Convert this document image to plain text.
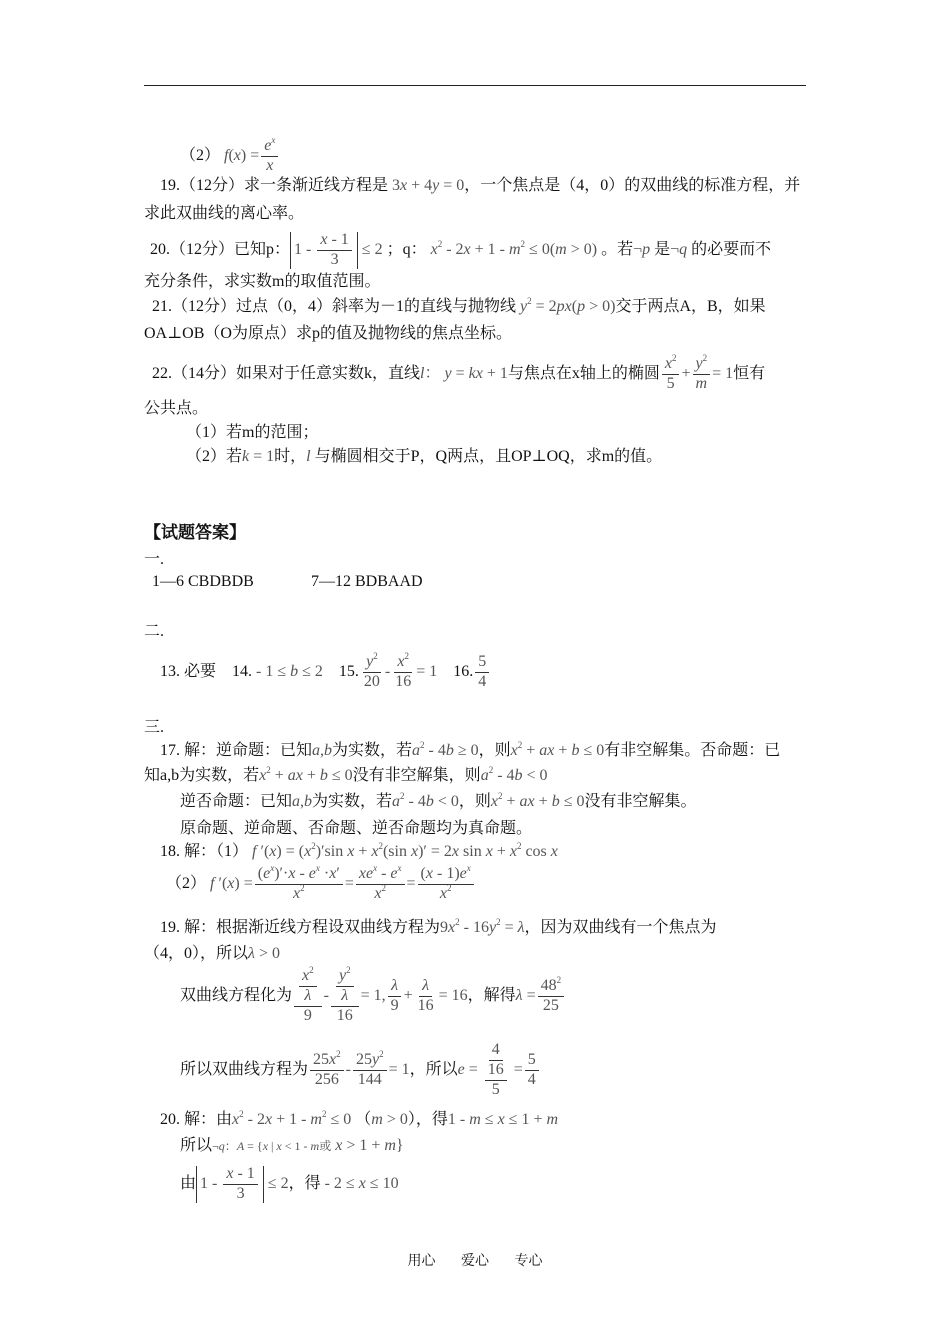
（2） $f(x) = \frac{e^x}{x}$
19.（12分）求一条渐近线方程是 3x + 4y = 0，一个焦点是（4，0）的双曲线的标准方程，并
求此双曲线的离心率。
20.（12分）已知p： $1 - \frac{x - 1}{3} \le 2$ ；q： $x^2 - 2x + 1 - m^2 \le 0(m > 0)$ 。若¬p 是¬q 的必要而不
充分条件，求实数m的取值范围。
21.（12分）过点（0，4）斜率为－1的直线与抛物线 $y^2 = 2px(p > 0)$交于两点A，B，如果
OA⊥OB（O为原点）求p的值及抛物线的焦点坐标。
22.（14分）如果对于任意实数k，直线l： y = kx + 1与焦点在x轴上的椭圆 $\frac{x^2}{5} + \frac{y^2}{m} = 1$恒有
公共点。
（1）若m的范围；
（2）若k = 1时，l 与椭圆相交于P，Q两点，且OP⊥OQ，求m的值。
【试题答案】
一.
1—6 CBDBDB	7—12 BDBAAD
二.
13. 必要 14. - 1 ≤ b ≤ 2 15. $\frac{y^2}{20} - \frac{x^2}{16} = 1$ 16. $\frac{5}{4}$
三.
17. 解：逆命题：已知a,b为实数，若$a^2 - 4b \ge 0$，则$x^2$ + ax + b ≤ 0有非空解集。否命题：已
知a,b为实数，若$x^2$ + ax + b ≤ 0没有非空解集，则$a^2 - 4b < 0$
逆否命题：已知a,b为实数，若$a^2 - 4b < 0$，则$x^2$ + ax + b ≤ 0没有非空解集。
原命题、逆命题、否命题、逆否命题均为真命题。
18. 解：（1） f $'(x) = (x^2)'\sin$ $x + x^2(\sin$ x)′ = 2x $\sin x + x^2$ cos x
（2） f $'(x) = \frac{(e^x)'\cdot x - e^x \cdot x'}{x^2} = \frac{xe^x - e^x}{x^2} = \frac{(x - 1)e^x}{x^2}$
19. 解：根据渐近线方程设双曲线方程为$9x^2 - 16y^2 = \lambda$，因为双曲线有一个焦点为
（4，0），所以λ > 0
双曲线方程化为 $\frac{\frac{x^2}{\lambda}}{9} - \frac{\frac{y^2}{\lambda}}{16} = 1$, $\frac{\lambda}{9} + \frac{\lambda}{16} = 16$，解得$\lambda = \frac{48^2}{25}$
所以双曲线方程为 $\frac{25x^2}{256} - \frac{25y^2}{144} = 1$，所以$e = \frac{4}{\frac{16}{5}} = \frac{5}{4}$
20. 解：由$x^2 - 2x + 1 - m^2 \le 0$ （m > 0），得1 - m ≤ x ≤ 1 + m
所以¬q：A = {x | x < 1 - m或 x > 1 + m}
由 $1 - \frac{x - 1}{3} \le 2$，得 - 2 ≤ x ≤ 10
用心 爱心 专心
